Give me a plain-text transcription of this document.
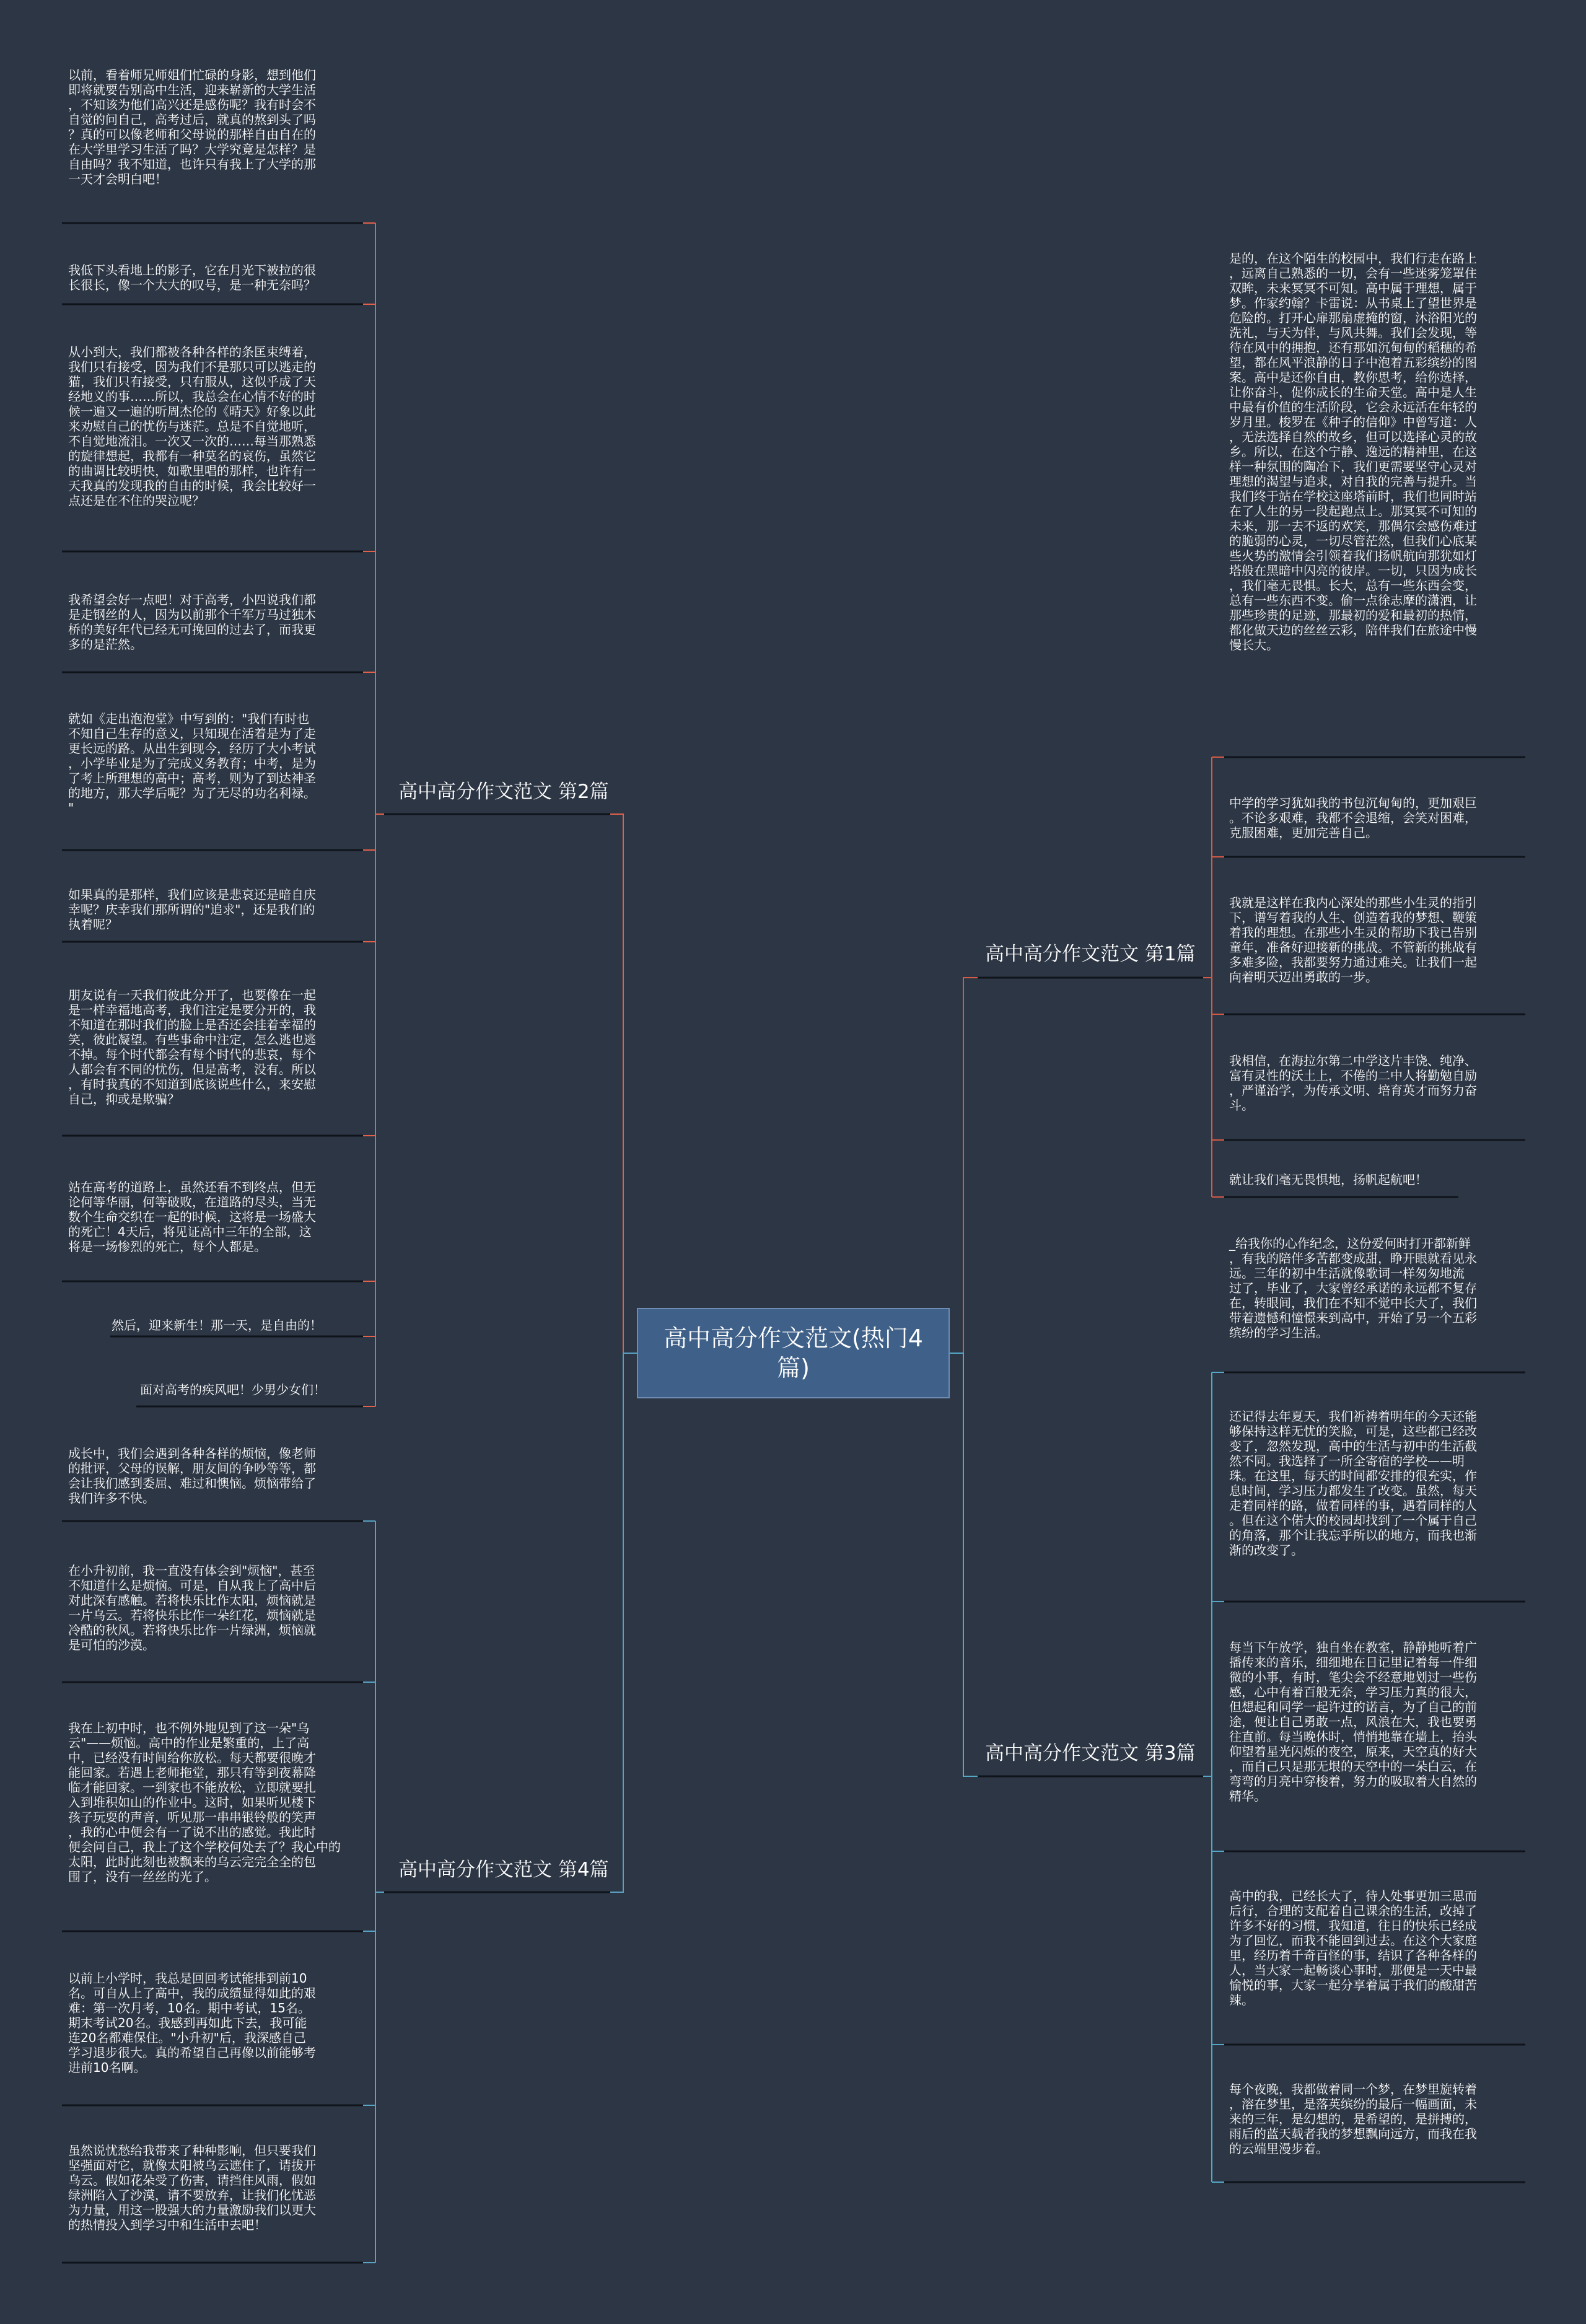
高中高分作文范文(热门4篇)
高中高分作文范文 第2篇

以前，看着师兄师姐们忙碌的身影，想到他们
即将就要告别高中生活，迎来崭新的大学生活
，不知该为他们高兴还是感伤呢？我有时会不
自觉的问自己，高考过后，就真的熬到头了吗
？真的可以像老师和父母说的那样自由自在的
在大学里学习生活了吗？大学究竟是怎样？是
自由吗？我不知道，也许只有我上了大学的那
一天才会明白吧！

我低下头看地上的影子，它在月光下被拉的很
长很长，像一个大大的叹号，是一种无奈吗？

从小到大，我们都被各种各样的条匡束缚着，
我们只有接受，因为我们不是那只可以逃走的
猫，我们只有接受，只有服从，这似乎成了天
经地义的事……所以，我总会在心情不好的时
候一遍又一遍的听周杰伦的《晴天》好象以此
来劝慰自己的忧伤与迷茫。总是不自觉地听，
不自觉地流泪。一次又一次的……每当那熟悉
的旋律想起，我都有一种莫名的哀伤，虽然它
的曲调比较明快，如歌里唱的那样，也许有一
天我真的发现我的自由的时候，我会比较好一
点还是在不住的哭泣呢？

我希望会好一点吧！对于高考，小四说我们都
是走钢丝的人，因为以前那个千军万马过独木
桥的美好年代已经无可挽回的过去了，而我更
多的是茫然。

就如《走出泡泡堂》中写到的："我们有时也
不知自己生存的意义，只知现在活着是为了走
更长远的路。从出生到现今，经历了大小考试
，小学毕业是为了完成义务教育；中考，是为
了考上所理想的高中；高考，则为了到达神圣
的地方，那大学后呢？为了无尽的功名利禄。
"

如果真的是那样，我们应该是悲哀还是暗自庆
幸呢？庆幸我们那所谓的"追求"，还是我们的
执着呢？

朋友说有一天我们彼此分开了，也要像在一起
是一样幸福地高考，我们注定是要分开的，我
不知道在那时我们的脸上是否还会挂着幸福的
笑，彼此凝望。有些事命中注定，怎么逃也逃
不掉。每个时代都会有每个时代的悲哀，每个
人都会有不同的忧伤，但是高考，没有。所以
，有时我真的不知道到底该说些什么，来安慰
自己，抑或是欺骗？

站在高考的道路上，虽然还看不到终点，但无
论何等华丽，何等破败，在道路的尽头，当无
数个生命交织在一起的时候，这将是一场盛大
的死亡！4天后，将见证高中三年的全部，这
将是一场惨烈的死亡，每个人都是。

然后，迎来新生！那一天，是自由的！

面对高考的疾风吧！少男少女们！

高中高分作文范文 第4篇

成长中，我们会遇到各种各样的烦恼，像老师
的批评，父母的误解，朋友间的争吵等等，都
会让我们感到委屈、难过和懊恼。烦恼带给了
我们许多不快。

在小升初前，我一直没有体会到"烦恼"，甚至
不知道什么是烦恼。可是，自从我上了高中后
对此深有感触。若将快乐比作太阳，烦恼就是
一片乌云。若将快乐比作一朵红花，烦恼就是
冷酷的秋风。若将快乐比作一片绿洲，烦恼就
是可怕的沙漠。

我在上初中时，也不例外地见到了这一朵"乌
云"——烦恼。高中的作业是繁重的，上了高
中，已经没有时间给你放松。每天都要很晚才
能回家。若遇上老师拖堂，那只有等到夜幕降
临才能回家。一到家也不能放松，立即就要扎
入到堆积如山的作业中。这时，如果听见楼下
孩子玩耍的声音，听见那一串串银铃般的笑声
，我的心中便会有一了说不出的感觉。我此时
便会问自己，我上了这个学校何处去了？我心中的
太阳，此时此刻也被飘来的乌云完完全全的包
围了，没有一丝丝的光了。

以前上小学时，我总是回回考试能排到前10
名。可自从上了高中，我的成绩显得如此的艰
难：第一次月考，10名。期中考试，15名。
期末考试20名。我感到再如此下去，我可能
连20名都难保住。"小升初"后，我深感自己
学习退步很大。真的希望自己再像以前能够考
进前10名啊。

虽然说忧愁给我带来了种种影响，但只要我们
坚强面对它，就像太阳被乌云遮住了，请拔开
乌云。假如花朵受了伤害，请挡住风雨，假如
绿洲陷入了沙漠，请不要放弃，让我们化忧恶
为力量，用这一股强大的力量激励我们以更大
的热情投入到学习中和生活中去吧！

高中高分作文范文 第1篇

是的，在这个陌生的校园中，我们行走在路上
，远离自己熟悉的一切，会有一些迷雾笼罩住
双眸，未来冥冥不可知。高中属于理想，属于
梦。作家约翰？卡雷说：从书桌上了望世界是
危险的。打开心扉那扇虚掩的窗，沐浴阳光的
洗礼，与天为伴，与风共舞。我们会发现，等
待在风中的拥抱，还有那如沉甸甸的稻穗的希
望，都在风平浪静的日子中泡着五彩缤纷的图
案。高中是还你自由，教你思考，给你选择，
让你奋斗，促你成长的生命天堂。高中是人生
中最有价值的生活阶段，它会永远活在年轻的
岁月里。梭罗在《种子的信仰》中曾写道：人
，无法选择自然的故乡，但可以选择心灵的故
乡。所以，在这个宁静、逸远的精神里，在这
样一种氛围的陶冶下，我们更需要坚守心灵对
理想的渴望与追求，对自我的完善与提升。当
我们终于站在学校这座塔前时，我们也同时站
在了人生的另一段起跑点上。那冥冥不可知的
未来，那一去不返的欢笑，那偶尔会感伤难过
的脆弱的心灵，一切尽管茫然，但我们心底某
些火势的激情会引领着我们扬帆航向那犹如灯
塔般在黑暗中闪亮的彼岸。一切，只因为成长
，我们毫无畏惧。长大，总有一些东西会变，
总有一些东西不变。偷一点徐志摩的潇洒，让
那些珍贵的足迹，那最初的爱和最初的热情，
都化做天边的丝丝云彩，陪伴我们在旅途中慢
慢长大。

中学的学习犹如我的书包沉甸甸的，更加艰巨
。不论多艰难，我都不会退缩，会笑对困难，
克服困难，更加完善自己。

我就是这样在我内心深处的那些小生灵的指引
下，谱写着我的人生、创造着我的梦想、鞭策
着我的理想。在那些小生灵的帮助下我已告别
童年，准备好迎接新的挑战。不管新的挑战有
多难多险，我都要努力通过难关。让我们一起
向着明天迈出勇敢的一步。

我相信，在海拉尔第二中学这片丰饶、纯净、
富有灵性的沃土上，不倦的二中人将勤勉自励
，严谨治学，为传承文明、培育英才而努力奋
斗。

就让我们毫无畏惧地，扬帆起航吧！

高中高分作文范文 第3篇

_给我你的心作纪念，这份爱何时打开都新鲜
，有我的陪伴多苦都变成甜，睁开眼就看见永
远。三年的初中生活就像歌词一样匆匆地流
过了，毕业了，大家曾经承诺的永远都不复存
在，转眼间，我们在不知不觉中长大了，我们
带着遗憾和憧憬来到高中，开始了另一个五彩
缤纷的学习生活。

还记得去年夏天，我们祈祷着明年的今天还能
够保持这样无忧的笑脸，可是，这些都已经改
变了，忽然发现，高中的生活与初中的生活截
然不同。我选择了一所全寄宿的学校——明
珠。在这里，每天的时间都安排的很充实，作
息时间，学习压力都发生了改变。虽然，每天
走着同样的路，做着同样的事，遇着同样的人
。但在这个偌大的校园却找到了一个属于自己
的角落，那个让我忘乎所以的地方，而我也渐
渐的改变了。

每当下午放学，独自坐在教室，静静地听着广
播传来的音乐，细细地在日记里记着每一件细
微的小事，有时，笔尖会不经意地划过一些伤
感，心中有着百般无奈，学习压力真的很大，
但想起和同学一起许过的诺言，为了自己的前
途，便让自己勇敢一点，风浪在大，我也要勇
往直前。每当晚休时，悄悄地靠在墙上，抬头
仰望着星光闪烁的夜空，原来，天空真的好大
，而自己只是那无垠的天空中的一朵白云，在
弯弯的月亮中穿梭着，努力的吸取着大自然的
精华。

高中的我，已经长大了，待人处事更加三思而
后行，合理的支配着自己课余的生活，改掉了
许多不好的习惯，我知道，往日的快乐已经成
为了回忆，而我不能回到过去。在这个大家庭
里，经历着千奇百怪的事，结识了各种各样的
人，当大家一起畅谈心事时，那便是一天中最
愉悦的事，大家一起分享着属于我们的酸甜苦
辣。

每个夜晚，我都做着同一个梦，在梦里旋转着
，溶在梦里，是落英缤纷的最后一幅画面，未
来的三年，是幻想的，是希望的，是拼搏的，
雨后的蓝天载者我的梦想飘向远方，而我在我
的云端里漫步着。
